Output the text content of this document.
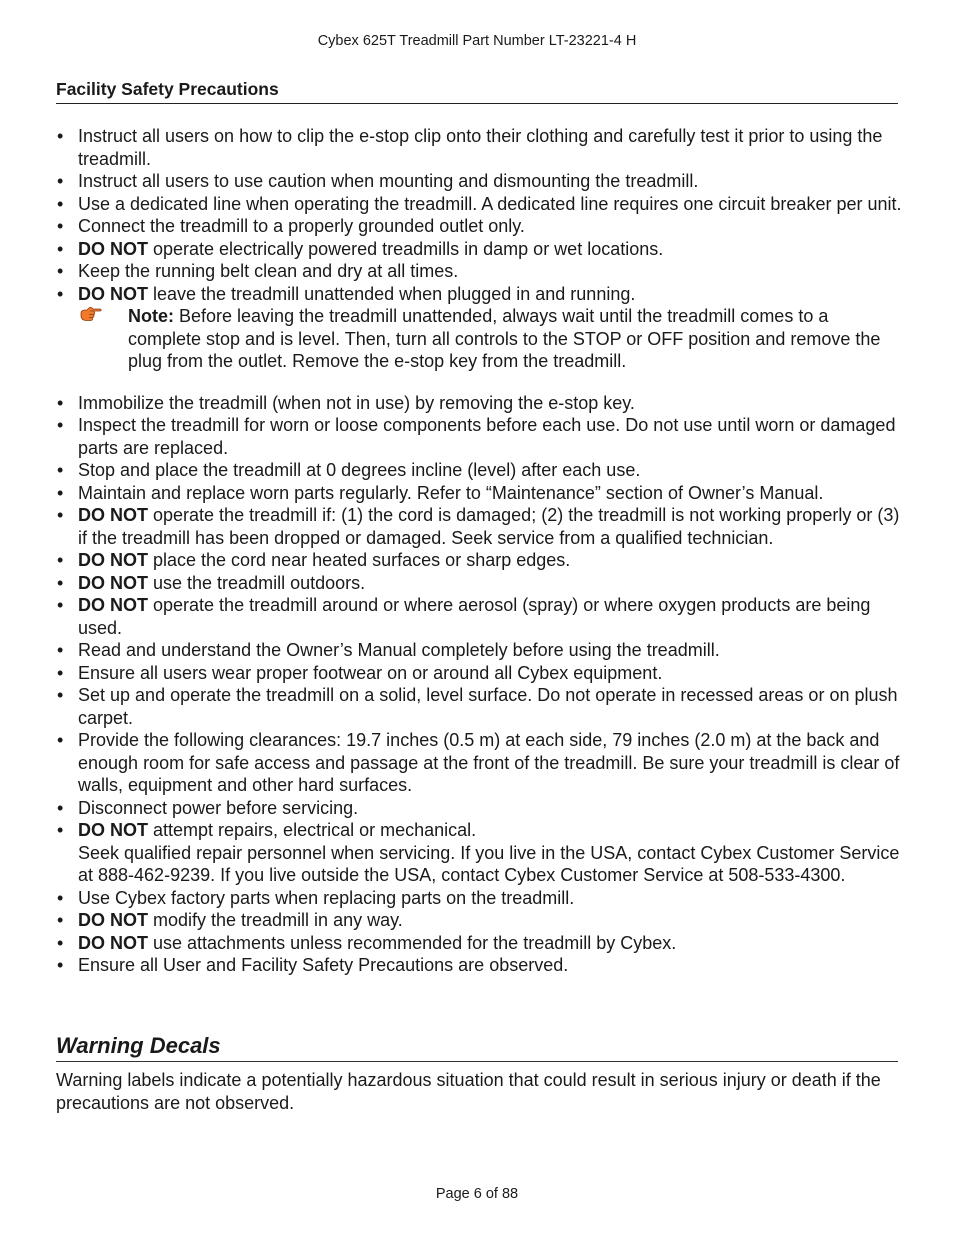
Cybex 625T Treadmill Part Number LT-23221-4 H
Facility Safety Precautions
• Instruct all users on how to clip the e-stop clip onto their clothing and carefully test it prior to using the treadmill.
• Instruct all users to use caution when mounting and dismounting the treadmill.
• Use a dedicated line when operating the treadmill. A dedicated line requires one circuit breaker per unit.
• Connect the treadmill to a properly grounded outlet only.
• DO NOT operate electrically powered treadmills in damp or wet locations.
• Keep the running belt clean and dry at all times.
• DO NOT leave the treadmill unattended when plugged in and running.
Note: Before leaving the treadmill unattended, always wait until the treadmill comes to a complete stop and is level. Then, turn all controls to the STOP or OFF position and remove the plug from the outlet. Remove the e-stop key from the treadmill.
• Immobilize the treadmill (when not in use) by removing the e-stop key.
• Inspect the treadmill for worn or loose components before each use. Do not use until worn or damaged parts are replaced.
• Stop and place the treadmill at 0 degrees incline (level) after each use.
• Maintain and replace worn parts regularly. Refer to “Maintenance” section of Owner’s Manual.
• DO NOT operate the treadmill if: (1) the cord is damaged; (2) the treadmill is not working properly or (3) if the treadmill has been dropped or damaged. Seek service from a qualified technician.
• DO NOT place the cord near heated surfaces or sharp edges.
• DO NOT use the treadmill outdoors.
• DO NOT operate the treadmill around or where aerosol (spray) or where oxygen products are being used.
• Read and understand the Owner’s Manual completely before using the treadmill.
• Ensure all users wear proper footwear on or around all Cybex equipment.
• Set up and operate the treadmill on a solid, level surface. Do not operate in recessed areas or on plush carpet.
• Provide the following clearances: 19.7 inches (0.5 m) at each side, 79 inches (2.0 m) at the back and enough room for safe access and passage at the front of the treadmill. Be sure your treadmill is clear of walls, equipment and other hard surfaces.
• Disconnect power before servicing.
• DO NOT attempt repairs, electrical or mechanical.
Seek qualified repair personnel when servicing. If you live in the USA, contact Cybex Customer Service at 888-462-9239. If you live outside the USA, contact Cybex Customer Service at 508-533-4300.
• Use Cybex factory parts when replacing parts on the treadmill.
• DO NOT modify the treadmill in any way.
• DO NOT use attachments unless recommended for the treadmill by Cybex.
• Ensure all User and Facility Safety Precautions are observed.
Warning Decals
Warning labels indicate a potentially hazardous situation that could result in serious injury or death if the precautions are not observed.
Page 6 of 88
